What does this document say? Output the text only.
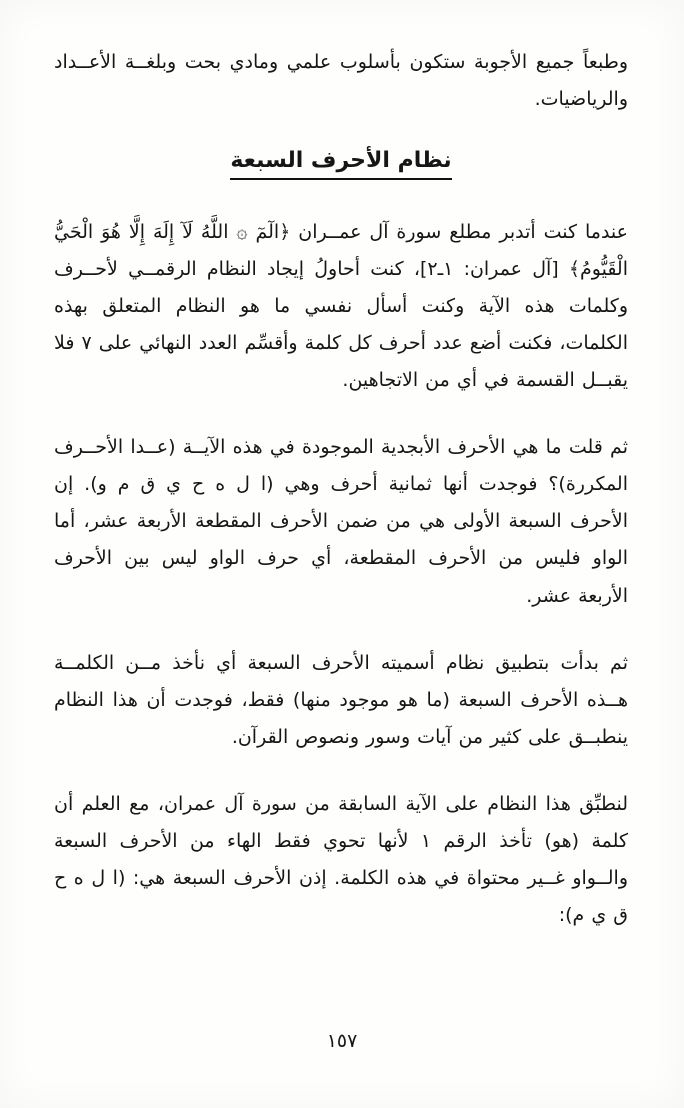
وطبعاً جميع الأجوبة ستكون بأسلوب علمي ومادي بحت وبلغــة الأعــداد والرياضيات.

نظام الأحرف السبعة

عندما كنت أتدبر مطلع سورة آل عمــران ﴿الٓمٓ ۞ اللَّهُ لَآ إِلَهَ إِلَّا هُوَ الْحَيُّ الْقَيُّومُ﴾ [آل عمران: ١ـ٢]، كنت أحاولُ إيجاد النظام الرقمــي لأحــرف وكلمات هذه الآية وكنت أسأل نفسي ما هو النظام المتعلق بهذه الكلمات، فكنت أضع عدد أحرف كل كلمة وأقسِّم العدد النهائي على ٧ فلا يقبــل القسمة في أي من الاتجاهين.

ثم قلت ما هي الأحرف الأبجدية الموجودة في هذه الآيــة (عــدا الأحــرف المكررة)؟ فوجدت أنها ثمانية أحرف وهي (ا ل ه ح ي ق م و). إن الأحرف السبعة الأولى هي من ضمن الأحرف المقطعة الأربعة عشر، أما الواو فليس من الأحرف المقطعة، أي حرف الواو ليس بين الأحرف الأربعة عشر.

ثم بدأت بتطبيق نظام أسميته الأحرف السبعة أي نأخذ مــن الكلمــة هــذه الأحرف السبعة (ما هو موجود منها) فقط، فوجدت أن هذا النظام ينطبــق على كثير من آيات وسور ونصوص القرآن.

لنطبِّق هذا النظام على الآية السابقة من سورة آل عمران، مع العلم أن كلمة (هو) تأخذ الرقم ١ لأنها تحوي فقط الهاء من الأحرف السبعة والــواو غــير محتواة في هذه الكلمة. إذن الأحرف السبعة هي: (ا ل ه ح ق ي م):

١٥٧
